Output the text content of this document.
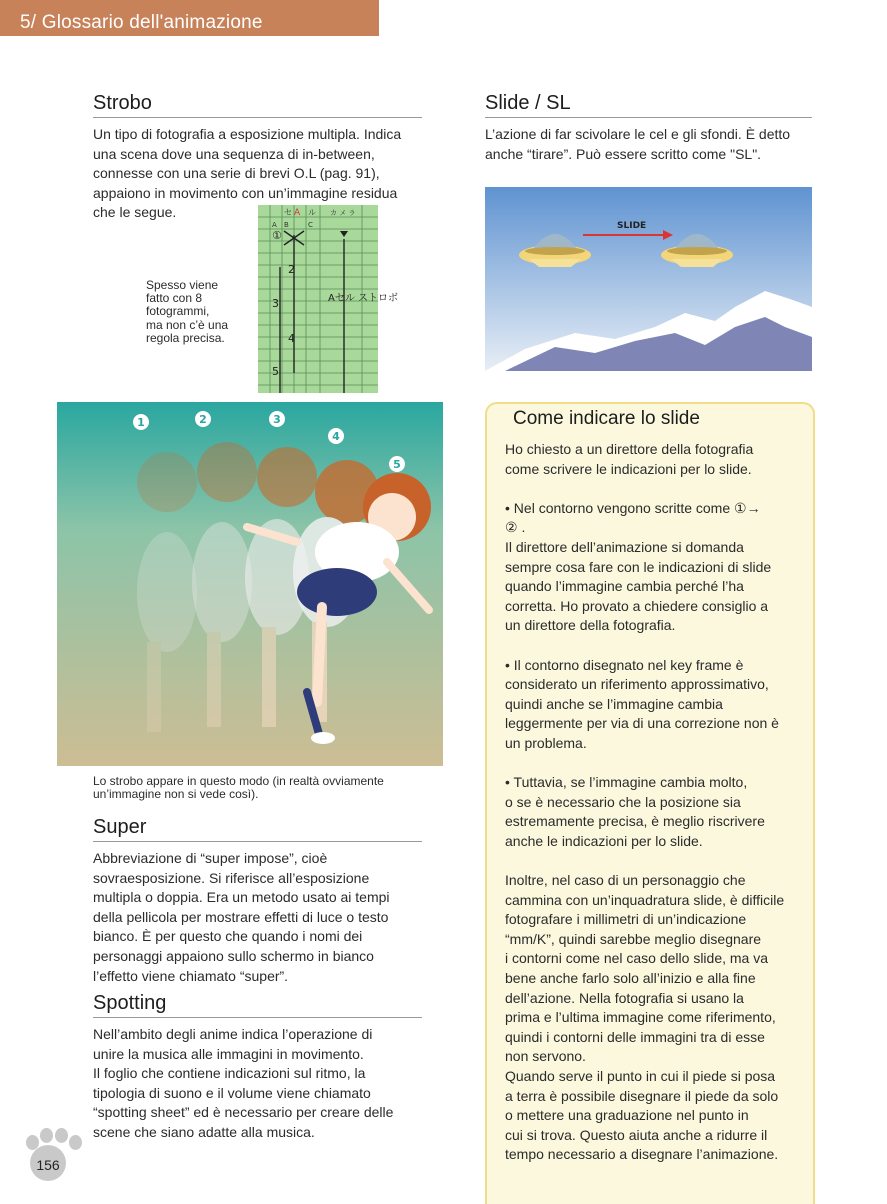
5/ Glossario dell'animazione
Strobo

Un tipo di fotografia a esposizione multipla. Indica
una scena dove una sequenza di in-between,
connesse con una serie di brevi O.L (pag. 91),
appaiono in movimento con un’immagine residua
che le segue.

Spesso viene
fatto con 8
fotogrammi,
ma non c’è una
regola precisa.
①
2
3
4
5
セ A ル カ メ ラ
A B	C
Aセル ストロボ
1	2	3
4
5
Lo strobo appare in questo modo (in realtà ovviamente
un’immagine non si vede così).
Super

Abbreviazione di “super impose”, cioè
sovraesposizione. Si riferisce all’esposizione
multipla o doppia. Era un metodo usato ai tempi
della pellicola per mostrare effetti di luce o testo
bianco. È per questo che quando i nomi dei
personaggi appaiono sullo schermo in bianco
l’effetto viene chiamato “super”.

Spotting

Nell’ambito degli anime indica l’operazione di
unire la musica alle immagini in movimento.
Il foglio che contiene indicazioni sul ritmo, la
tipologia di suono e il volume viene chiamato
“spotting sheet” ed è necessario per creare delle
scene che siano adatte alla musica.

Slide / SL

L’azione di far scivolare le cel e gli sfondi. È detto
anche “tirare”. Può essere scritto come "SL".

SLIDE
Come indicare lo slide

Ho chiesto a un direttore della fotografia
come scrivere le indicazioni per lo slide.

• Nel contorno vengono scritte come ①→
② .
Il direttore dell’animazione si domanda
sempre cosa fare con le indicazioni di slide
quando l’immagine cambia perché l’ha
corretta. Ho provato a chiedere consiglio a
un direttore della fotografia.

• Il contorno disegnato nel key frame è
considerato un riferimento approssimativo,
quindi anche se l’immagine cambia
leggermente per via di una correzione non è
un problema.

• Tuttavia, se l’immagine cambia molto,
o se è necessario che la posizione sia
estremamente precisa, è meglio riscrivere
anche le indicazioni per lo slide.

Inoltre, nel caso di un personaggio che
cammina con un’inquadratura slide, è difficile
fotografare i millimetri di un’indicazione
“mm/K”, quindi sarebbe meglio disegnare
i contorni come nel caso dello slide, ma va
bene anche farlo solo all’inizio e alla fine
dell’azione. Nella fotografia si usano la
prima e l’ultima immagine come riferimento,
quindi i contorni delle immagini tra di esse
non servono.
Quando serve il punto in cui il piede si posa
a terra è possibile disegnare il piede da solo
o mettere una graduazione nel punto in
cui si trova. Questo aiuta anche a ridurre il
tempo necessario a disegnare l’animazione.

156
